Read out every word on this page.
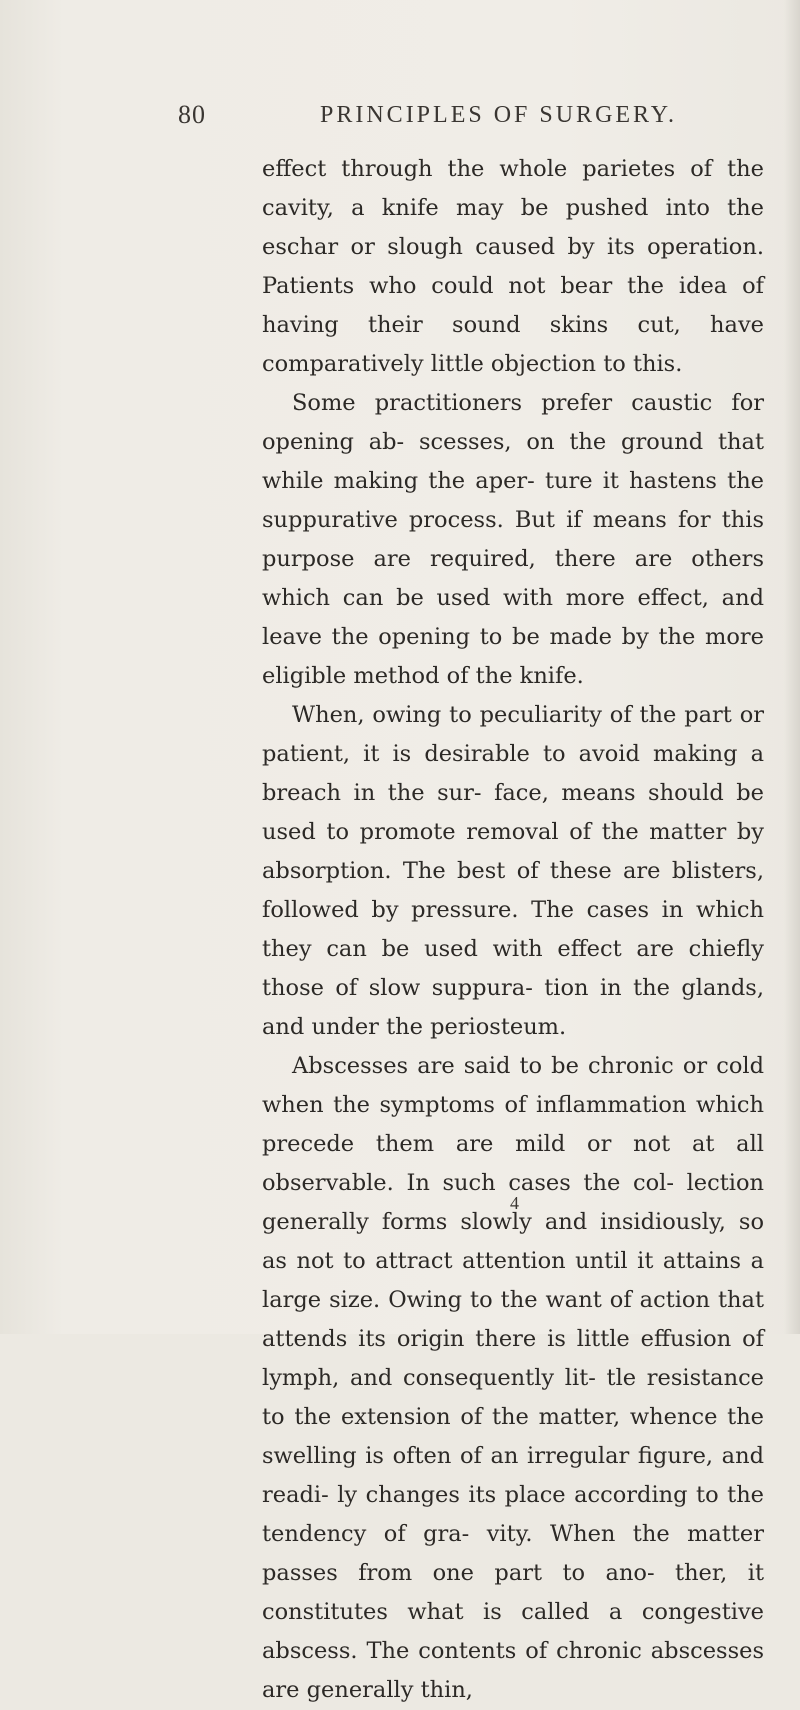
80	PRINCIPLES OF SURGERY.

effect through the whole parietes of the cavity, a knife may be pushed into the eschar or slough caused by its operation. Patients who could not bear the idea of having their sound skins cut, have comparatively little objection to this.

Some practitioners prefer caustic for opening ab- scesses, on the ground that while making the aper- ture it hastens the suppurative process. But if means for this purpose are required, there are others which can be used with more effect, and leave the opening to be made by the more eligible method of the knife.

When, owing to peculiarity of the part or patient, it is desirable to avoid making a breach in the sur- face, means should be used to promote removal of the matter by absorption. The best of these are blisters, followed by pressure. The cases in which they can be used with effect are chiefly those of slow suppura- tion in the glands, and under the periosteum.

Abscesses are said to be chronic or cold when the symptoms of inflammation which precede them are mild or not at all observable. In such cases the col- lection generally forms slowly and insidiously, so as not to attract attention until it attains a large size. Owing to the want of action that attends its origin there is little effusion of lymph, and consequently lit- tle resistance to the extension of the matter, whence the swelling is often of an irregular figure, and readi- ly changes its place according to the tendency of gra- vity. When the matter passes from one part to ano- ther, it constitutes what is called a congestive abscess. The contents of chronic abscesses are generally thin,

4
